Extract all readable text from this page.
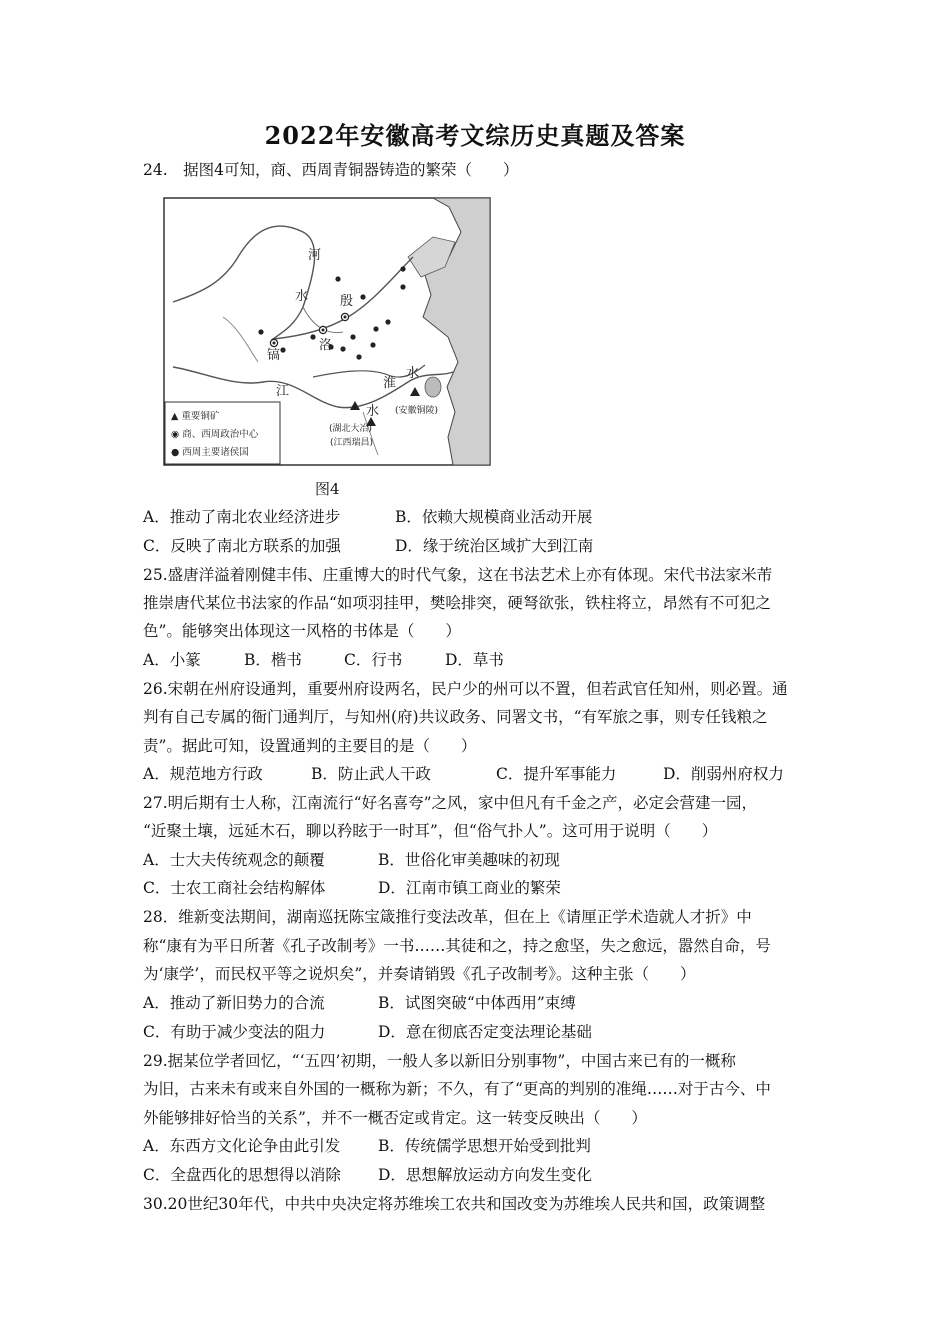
2022年安徽高考文综历史真题及答案
24.　据图4可知，商、西周青铜器铸造的繁荣（　　）
河
水 殷
洛
镐
江
水
淮
水
(湖北大冶)
(江西瑞昌)
(安徽铜陵)
▲ 重要铜矿
◉ 商、西周政治中心
● 西周主要诸侯国
图4
A．推动了南北农业经济进步	B．依赖大规模商业活动开展
C．反映了南北方联系的加强	D．缘于统治区域扩大到江南
25.盛唐洋溢着刚健丰伟、庄重博大的时代气象，这在书法艺术上亦有体现。宋代书法家米芾
推崇唐代某位书法家的作品“如项羽挂甲，樊哙排突，硬弩欲张，铁柱将立，昂然有不可犯之
色”。能够突出体现这一风格的书体是（　　）
A．小篆	B．楷书	C．行书	D．草书
26.宋朝在州府设通判，重要州府设两名，民户少的州可以不置，但若武官任知州，则必置。通
判有自己专属的衙门通判厅，与知州(府)共议政务、同署文书，“有军旅之事，则专任钱粮之
责”。据此可知，设置通判的主要目的是（　　）
A．规范地方行政	B．防止武人干政	C．提升军事能力	D．削弱州府权力
27.明后期有士人称，江南流行“好名喜夸”之风，家中但凡有千金之产，必定会营建一园，
“近聚土壤，远延木石，聊以矜眩于一时耳”，但“俗气扑人”。这可用于说明（　　）
A．士大夫传统观念的颠覆	B．世俗化审美趣味的初现
C．士农工商社会结构解体	D．江南市镇工商业的繁荣
28．维新变法期间，湖南巡抚陈宝箴推行变法改革，但在上《请厘正学术造就人才折》中
称“康有为平日所著《孔子改制考》一书……其徒和之，持之愈坚，失之愈远，嚣然自命，号
为‘康学’，而民权平等之说炽矣”，并奏请销毁《孔子改制考》。这种主张（　　）
A．推动了新旧势力的合流	B．试图突破“中体西用”束缚
C．有助于减少变法的阻力	D．意在彻底否定变法理论基础
29.据某位学者回忆，“‘五四’初期，一般人多以新旧分别事物”，中国古来已有的一概称
为旧，古来未有或来自外国的一概称为新；不久，有了“更高的判别的准绳……对于古今、中
外能够排好恰当的关系”，并不一概否定或肯定。这一转变反映出（　　）
A．东西方文化论争由此引发 B．传统儒学思想开始受到批判
C．全盘西化的思想得以消除 D．思想解放运动方向发生变化
30.20世纪30年代，中共中央决定将苏维埃工农共和国改变为苏维埃人民共和国，政策调整
